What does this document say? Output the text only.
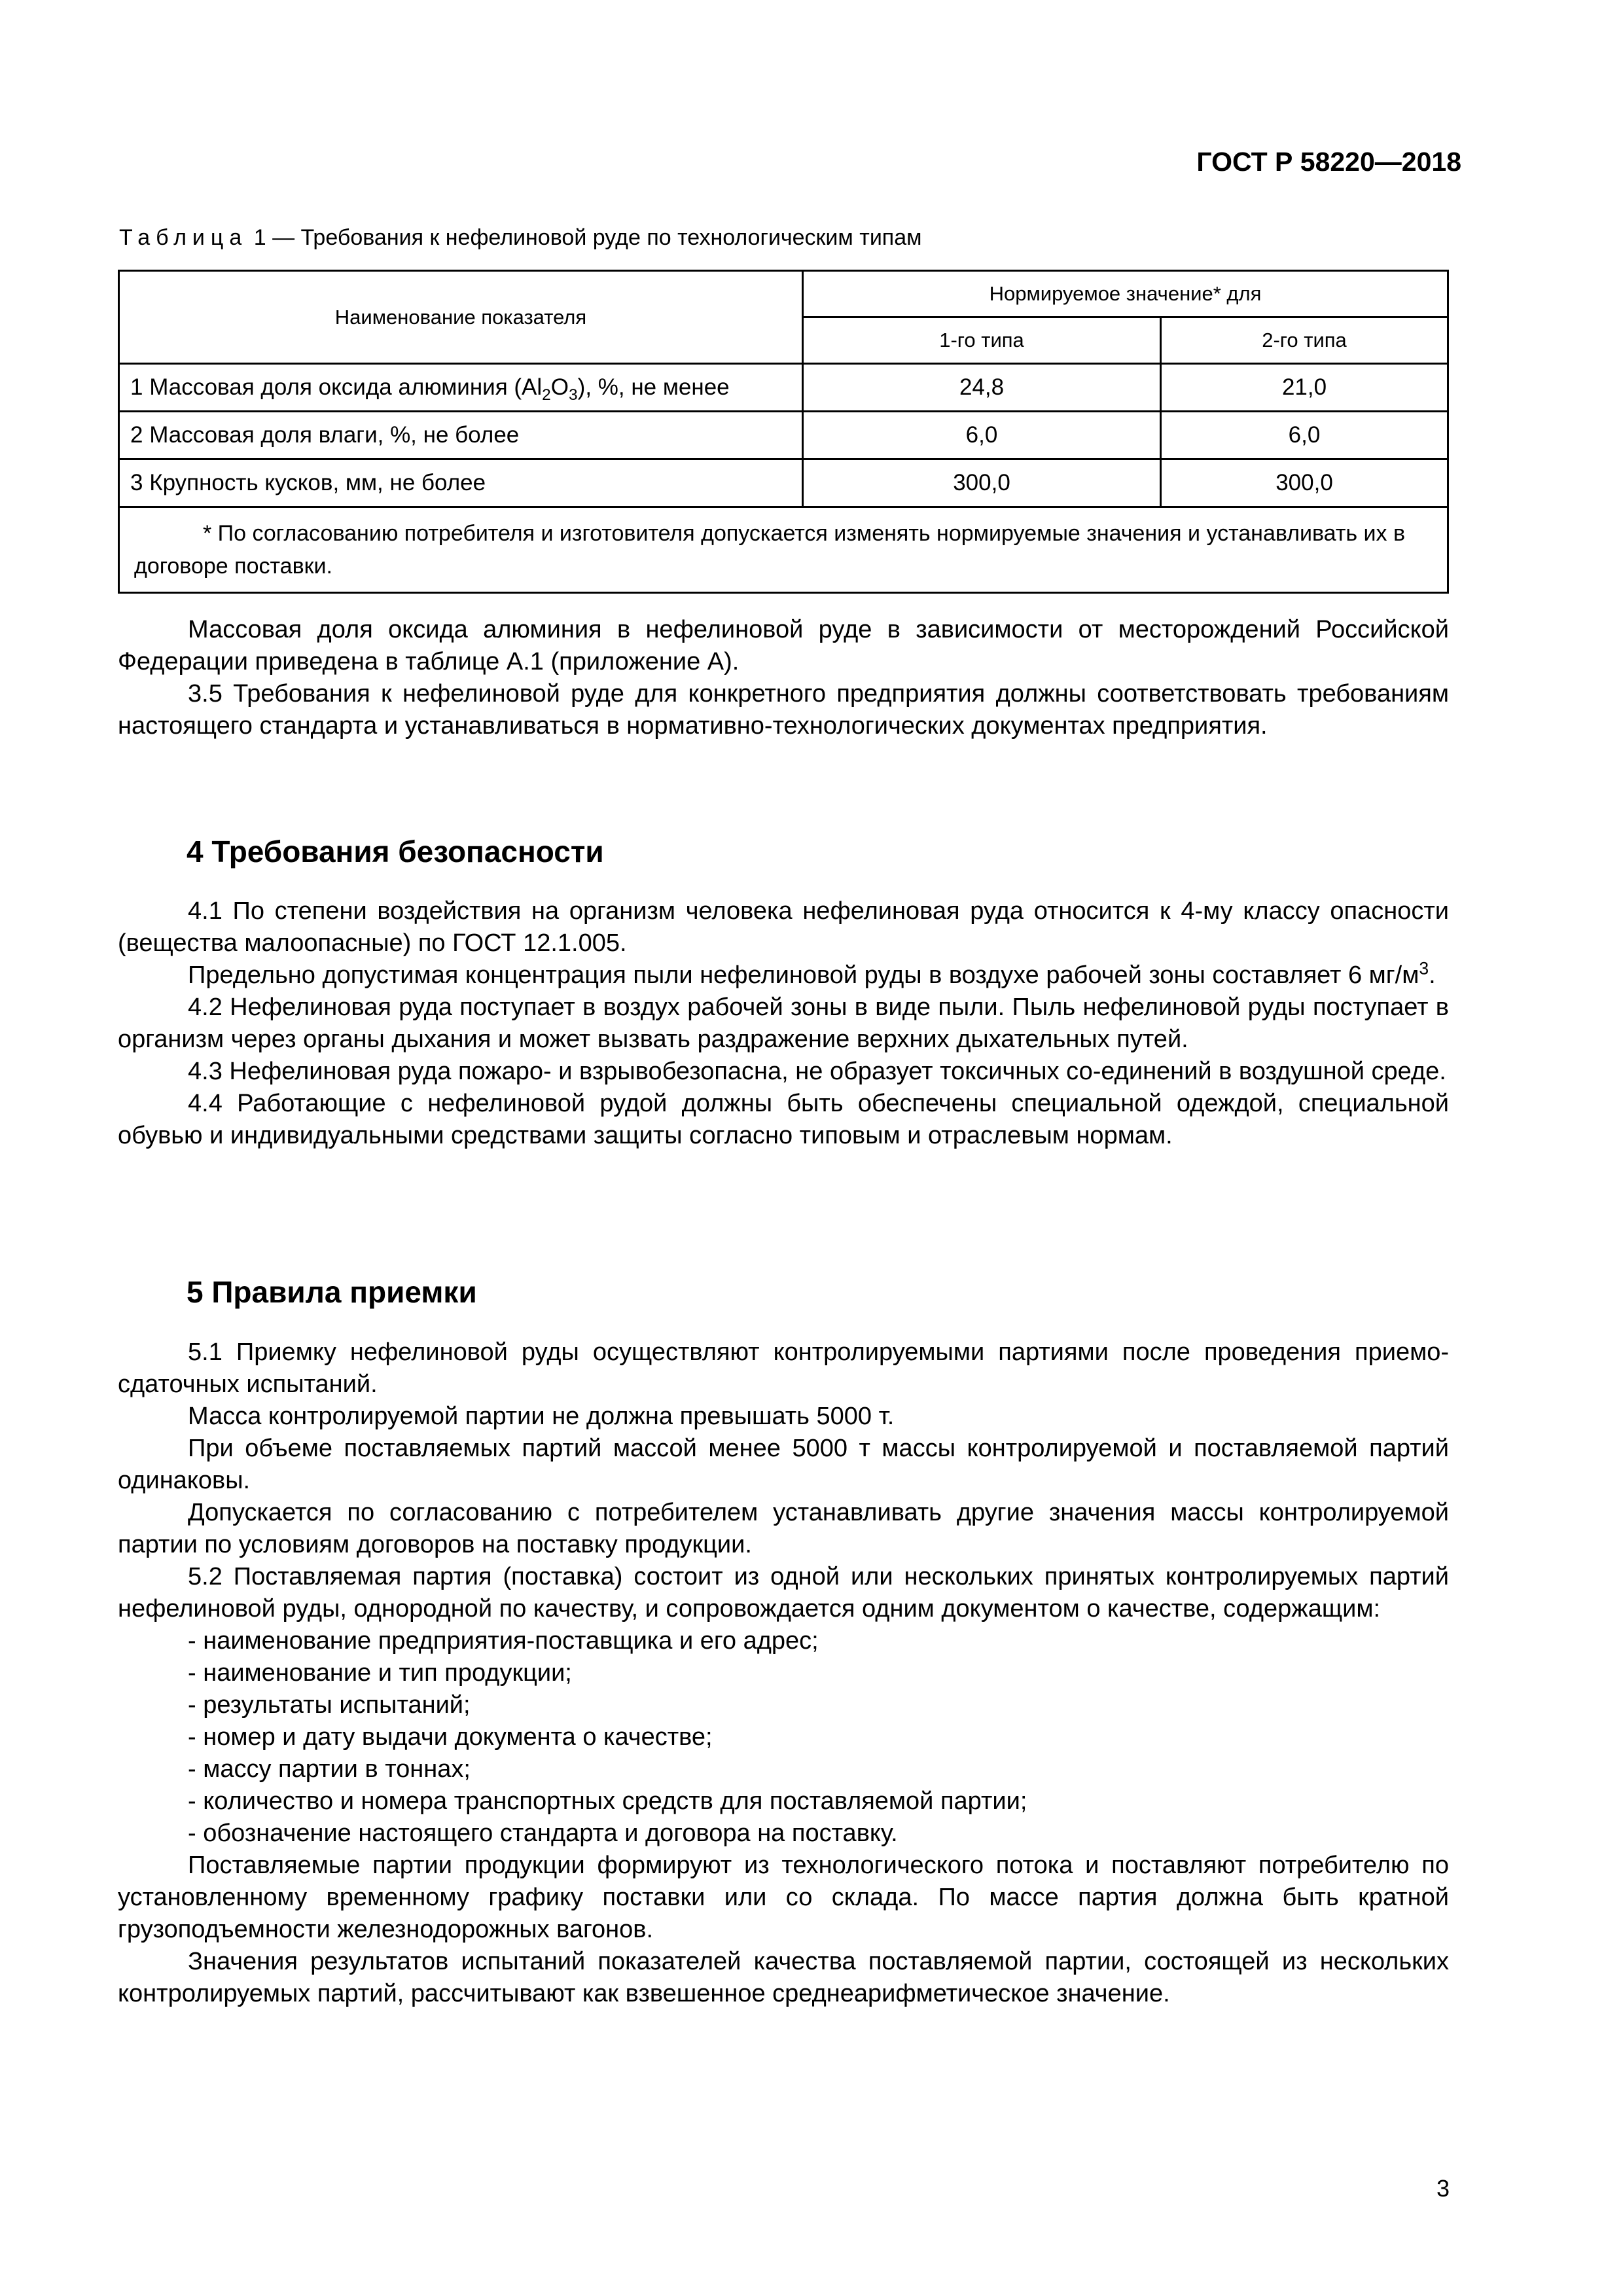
ГОСТ Р 58220—2018
Таблица 1 — Требования к нефелиновой руде по технологическим типам
Наименование показателя	Нормируемое значение* для	
	1-го типа	2-го типа
1 Массовая доля оксида алюминия $(Al_2O_3)$, %, не менее	24,8	21,0
2 Массовая доля влаги, %, не более	6,0	6,0
3 Крупность кусков, мм, не более	300,0	300,0
* По согласованию потребителя и изготовителя допускается изменять нормируемые значения и устанавливать их в договоре поставки.		

Массовая доля оксида алюминия в нефелиновой руде в зависимости от месторождений Российской Федерации приведена в таблице А.1 (приложение А).

3.5 Требования к нефелиновой руде для конкретного предприятия должны соответствовать требованиям настоящего стандарта и устанавливаться в нормативно-технологических документах предприятия.

4 Требования безопасности

4.1 По степени воздействия на организм человека нефелиновая руда относится к 4-му классу опасности (вещества малоопасные) по ГОСТ 12.1.005.

Предельно допустимая концентрация пыли нефелиновой руды в воздухе рабочей зоны составляет 6 $мг/м^3$.

4.2 Нефелиновая руда поступает в воздух рабочей зоны в виде пыли. Пыль нефелиновой руды поступает в организм через органы дыхания и может вызвать раздражение верхних дыхательных путей.

4.3 Нефелиновая руда пожаро- и взрывобезопасна, не образует токсичных со-единений в воздушной среде.

4.4 Работающие с нефелиновой рудой должны быть обеспечены специальной одеждой, специальной обувью и индивидуальными средствами защиты согласно типовым и отраслевым нормам.

5 Правила приемки

5.1 Приемку нефелиновой руды осуществляют контролируемыми партиями после проведения приемо-сдаточных испытаний.

Масса контролируемой партии не должна превышать 5000 т.

При объеме поставляемых партий массой менее 5000 т массы контролируемой и поставляемой партий одинаковы.

Допускается по согласованию с потребителем устанавливать другие значения массы контролируемой партии по условиям договоров на поставку продукции.

5.2 Поставляемая партия (поставка) состоит из одной или нескольких принятых контролируемых партий нефелиновой руды, однородной по качеству, и сопровождается одним документом о качестве, содержащим:

- наименование предприятия-поставщика и его адрес;

- наименование и тип продукции;

- результаты испытаний;

- номер и дату выдачи документа о качестве;

- массу партии в тоннах;

- количество и номера транспортных средств для поставляемой партии;

- обозначение настоящего стандарта и договора на поставку.

Поставляемые партии продукции формируют из технологического потока и поставляют потребителю по установленному временному графику поставки или со склада. По массе партия должна быть кратной грузоподъемности железнодорожных вагонов.

Значения результатов испытаний показателей качества поставляемой партии, состоящей из нескольких контролируемых партий, рассчитывают как взвешенное среднеарифметическое значение.

3
